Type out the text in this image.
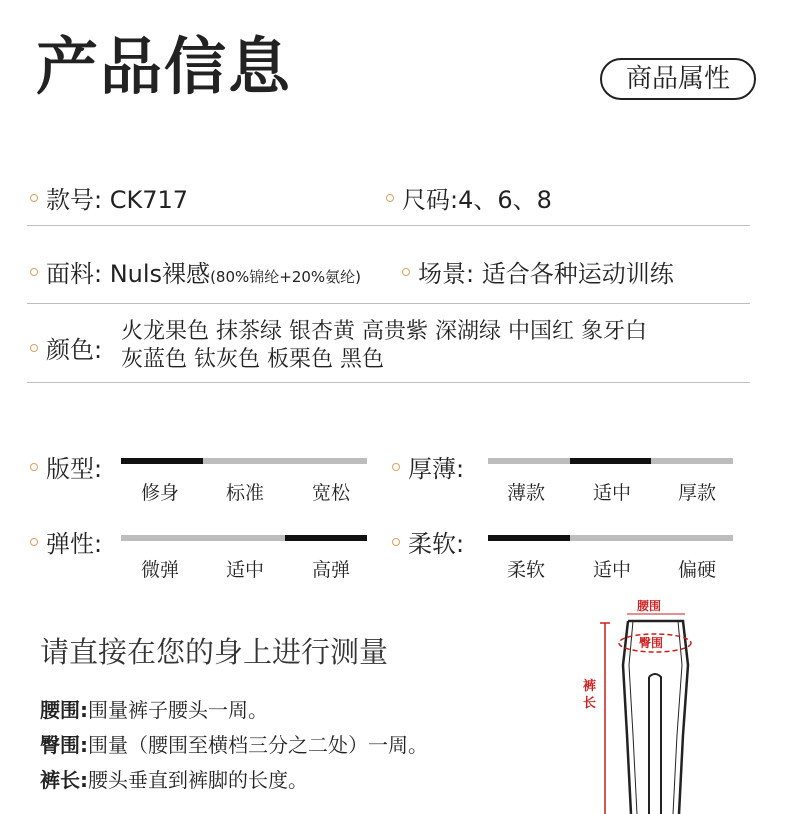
产品信息	商品属性
款号: CK717	尺码:4、6、8
面料: Nuls裸感(80%锦纶+20%氨纶)	场景: 适合各种运动训练
颜色:
火龙果色 抹茶绿 银杏黄 高贵紫 深湖绿 中国红 象牙白
灰蓝色 钛灰色 板栗色 黑色
版型:
修身	标准	宽松
厚薄:
薄款	适中	厚款
弹性:
微弹	适中	高弹
柔软:
柔软	适中	偏硬
请直接在您的身上进行测量
腰围:围量裤子腰头一周。
臀围:围量（腰围至横档三分之二处）一周。
裤长:腰头垂直到裤脚的长度。
裤
长
腰围
臀围
